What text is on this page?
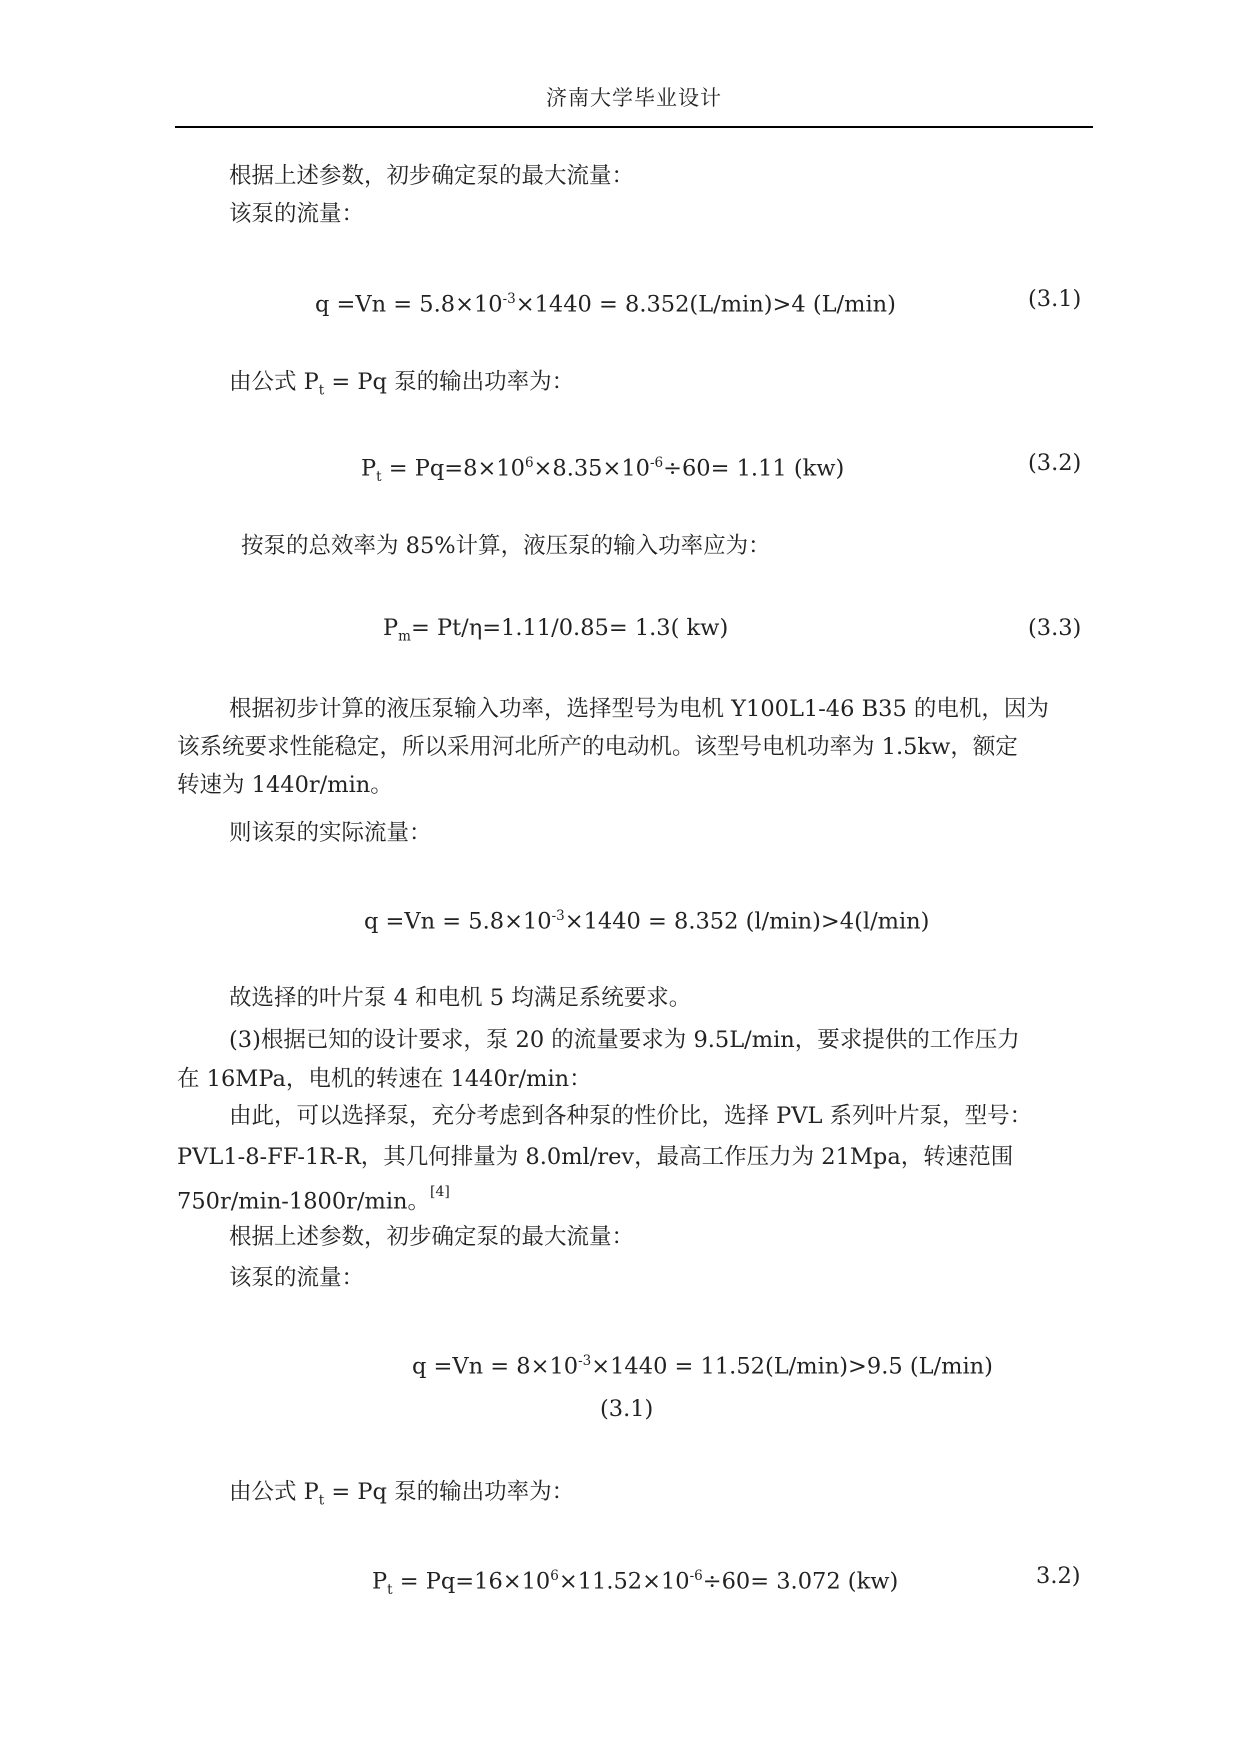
济南大学毕业设计
根据上述参数，初步确定泵的最大流量：
该泵的流量：
$q =Vn = 5.8\times 10^{-3}\times 1440 = 8.352(L/\min)>4$ (L/min)	(3.1)
由公式 $P_t = Pq$ 泵的输出功率为：
$P_t = Pq=8\times 10^6\times 8.35\times 10^{-6}\div 60= 1.11$ (kw)	(3.2)
按泵的总效率为 85%计算，液压泵的输入功率应为：
$P_m= Pt/\eta=1.11/0.85= 1.3$( kw)	(3.3)
根据初步计算的液压泵输入功率，选择型号为电机 Y100L1-46 B35 的电机，因为
该系统要求性能稳定，所以采用河北所产的电动机。该型号电机功率为 1.5kw，额定
转速为 1440r/min。
则该泵的实际流量：
$q =Vn = 5.8\times 10^{-3}\times 1440 = 8.352$ (l/min)>4(l/min)
故选择的叶片泵 4 和电机 5 均满足系统要求。
(3)根据已知的设计要求，泵 20 的流量要求为 9.5L/min，要求提供的工作压力
在 16MPa，电机的转速在 1440r/min：
由此，可以选择泵，充分考虑到各种泵的性价比，选择 PVL 系列叶片泵，型号：
PVL1-8-FF-1R-R，其几何排量为 8.0ml/rev，最高工作压力为 21Mpa，转速范围
750r/min-1800r/min。[4]
根据上述参数，初步确定泵的最大流量：
该泵的流量：
$q =Vn = 8\times 10^{-3}\times 1440 = 11.52(L/\min)>9.5$ (L/min)
(3.1)
由公式 $P_t = Pq$ 泵的输出功率为：
$P_t = Pq=16\times 10^6\times 11.52\times 10^{-6}\div 60= 3.072$ (kw)	3.2)
